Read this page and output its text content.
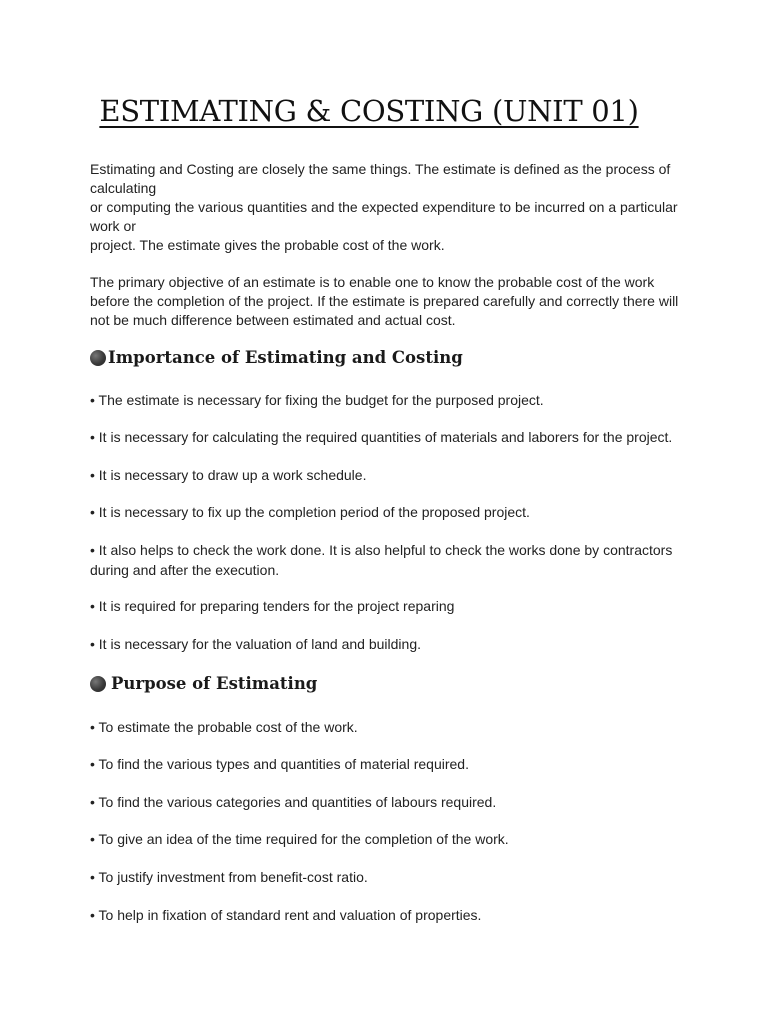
ESTIMATING & COSTING (UNIT 01)

Estimating and Costing are closely the same things. The estimate is defined as the process of
calculating
or computing the various quantities and the expected expenditure to be incurred on a particular
work or
project. The estimate gives the probable cost of the work.

The primary objective of an estimate is to enable one to know the probable cost of the work
before the completion of the project. If the estimate is prepared carefully and correctly there will
not be much difference between estimated and actual cost.

Importance of Estimating and Costing

• The estimate is necessary for fixing the budget for the purposed project.

• It is necessary for calculating the required quantities of materials and laborers for the project.

• It is necessary to draw up a work schedule.

• It is necessary to fix up the completion period of the proposed project.

• It also helps to check the work done. It is also helpful to check the works done by contractors during and after the execution.

• It is required for preparing tenders for the project reparing

• It is necessary for the valuation of land and building.

Purpose of Estimating

• To estimate the probable cost of the work.

• To find the various types and quantities of material required.

• To find the various categories and quantities of labours required.

• To give an idea of the time required for the completion of the work.

• To justify investment from benefit-cost ratio.

• To help in fixation of standard rent and valuation of properties.
